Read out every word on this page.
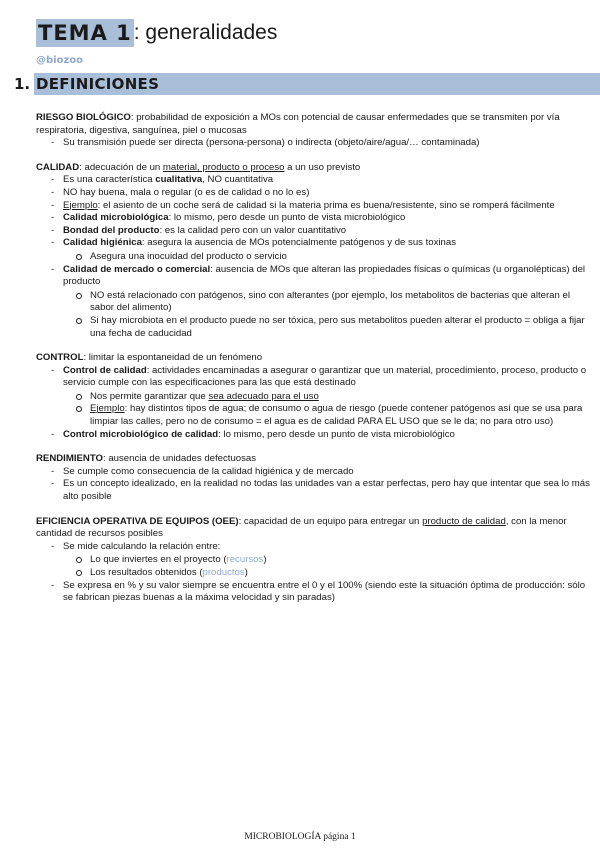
TEMA 1 : generalidades
@biozoo
1. DEFINICIONES

RIESGO BIOLÓGICO: probabilidad de exposición a MOs con potencial de causar enfermedades que se transmiten por vía respiratoria, digestiva, sanguínea, piel o mucosas

- Su transmisión puede ser directa (persona-persona) o indirecta (objeto/aire/agua/… contaminada)

CALIDAD: adecuación de un material, producto o proceso a un uso previsto

- Es una característica cualitativa, NO cuantitativa
- NO hay buena, mala o regular (o es de calidad o no lo es)
- Ejemplo: el asiento de un coche será de calidad si la materia prima es buena/resistente, sino se romperá fácilmente
- Calidad microbiológica: lo mismo, pero desde un punto de vista microbiológico
- Bondad del producto: es la calidad pero con un valor cuantitativo
- Calidad higiénica: asegura la ausencia de MOs potencialmente patógenos y de sus toxinas
Asegura una inocuidad del producto o servicio
- Calidad de mercado o comercial: ausencia de MOs que alteran las propiedades físicas o químicas (u organolépticas) del producto
NO está relacionado con patógenos, sino con alterantes (por ejemplo, los metabolitos de bacterias que alteran el sabor del alimento)
Si hay microbiota en el producto puede no ser tóxica, pero sus metabolitos pueden alterar el producto = obliga a fijar una fecha de caducidad

CONTROL: limitar la espontaneidad de un fenómeno

- Control de calidad: actividades encaminadas a asegurar o garantizar que un material, procedimiento, proceso, producto o servicio cumple con las especificaciones para las que está destinado
Nos permite garantizar que sea adecuado para el uso
Ejemplo: hay distintos tipos de agua; de consumo o agua de riesgo (puede contener patógenos así que se usa para limpiar las calles, pero no de consumo = el agua es de calidad PARA EL USO que se le da; no para otro uso)
- Control microbiológico de calidad: lo mismo, pero desde un punto de vista microbiológico

RENDIMIENTO: ausencia de unidades defectuosas

- Se cumple como consecuencia de la calidad higiénica y de mercado
- Es un concepto idealizado, en la realidad no todas las unidades van a estar perfectas, pero hay que intentar que sea lo más alto posible

EFICIENCIA OPERATIVA DE EQUIPOS (OEE): capacidad de un equipo para entregar un producto de calidad, con la menor cantidad de recursos posibles

- Se mide calculando la relación entre:
Lo que inviertes en el proyecto (recursos)
Los resultados obtenidos (productos)
- Se expresa en % y su valor siempre se encuentra entre el 0 y el 100% (siendo este la situación óptima de producción: sólo se fabrican piezas buenas a la máxima velocidad y sin paradas)
MICROBIOLOGÍA página 1
